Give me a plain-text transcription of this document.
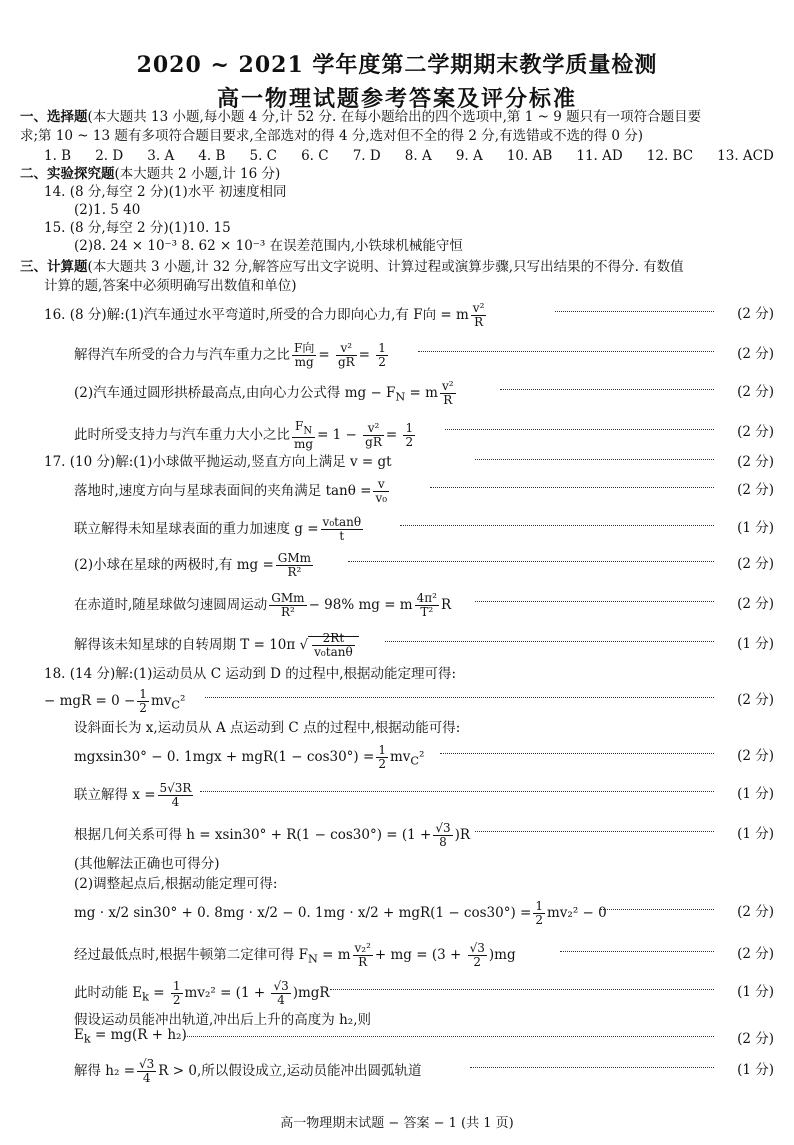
2020 ~ 2021 学年度第二学期期末教学质量检测
高一物理试题参考答案及评分标准
一、选择题(本大题共 13 小题,每小题 4 分,计 52 分. 在每小题给出的四个选项中,第 1 ~ 9 题只有一项符合题目要
求;第 10 ~ 13 题有多项符合题目要求,全部选对的得 4 分,选对但不全的得 2 分,有选错或不选的得 0 分)
1. B 2. D 3. A 4. B 5. C 6. C 7. D 8. A 9. A 10. AB 11. AD 12. BC 13. ACD
二、实验探究题(本大题共 2 小题,计 16 分)
14. (8 分,每空 2 分)(1)水平 初速度相同
(2)1. 5 40
15. (8 分,每空 2 分)(1)10. 15
(2)8. 24 × 10⁻³ 8. 62 × 10⁻³ 在误差范围内,小铁球机械能守恒
三、计算题(本大题共 3 小题,计 32 分,解答应写出文字说明、计算过程或演算步骤,只写出结果的不得分. 有数值
计算的题,答案中必须明确写出数值和单位)
16. (8 分)解:(1)汽车通过水平弯道时,所受的合力即向心力,有 F向 = m $\frac{\text{v²}}{R}$	(2 分)
解得汽车所受的合力与汽车重力之比 $\frac{\text{F向}}{mg} = \frac{\text{v²}}{gR} = \frac{1}{2}$	(2 分)
(2)汽车通过圆形拱桥最高点,由向心力公式得 mg − $F_N = m \frac{\text{v²}}{R}$	(2 分)
此时所受支持力与汽车重力大小之比 $\frac{F_N}{mg} = 1 - \frac{\text{v²}}{gR} = \frac{1}{2}$	(2 分)
17. (10 分)解:(1)小球做平抛运动,竖直方向上满足 v = gt	(2 分)
落地时,速度方向与星球表面间的夹角满足 $\tan\theta = \frac{v}{\text{v₀}}$	(2 分)
联立解得未知星球表面的重力加速度 $g = \frac{\text{v₀tanθ}}{t}$	(1 分)
(2)小球在星球的两极时,有 mg = $\frac{\text{GMm}}{\text{R²}}$	(2 分)
在赤道时,随星球做匀速圆周运动 $\frac{\text{GMm}}{\text{R²}} - 98\%$ mg = m $\frac{\text{4π²}}{\text{T²}}$ R	(2 分)
解得该未知星球的自转周期 T = 10π √ $\frac{2Rt}{\text{v₀tanθ}}$	(1 分)
18. (14 分)解:(1)运动员从 C 运动到 D 的过程中,根据动能定理可得:
− mgR = $0 - \frac{1}{2} mv_C^2$	(2 分)
设斜面长为 x,运动员从 A 点运动到 C 点的过程中,根据动能可得:
mgxsin30° − 0. $1mgx + mgR(1 - \cos 30^\circ) = \frac{1}{2} mv_C^2$	(2 分)
联立解得 $x = \frac{5√3R}{4}$	(1 分)
根据几何关系可得 $h = xsin30^\circ + R(1 - \cos 30^\circ) = (1 + \frac{√3}{8} )R$	(1 分)
(其他解法正确也可得分)
(2)调整起点后,根据动能定理可得:
mg · x/2 sin30° + 0. 8mg · x/2 − 0. $1mg \cdot x/2 + mgR(1 - \cos 30^\circ) = \frac{1}{2} mv_2^2 - 0$	(2 分)
经过最低点时,根据牛顿第二定律可得 $F_N = m \frac{\text{v₂²}}{R}$ + mg = $(3 + \frac{√3}{2} )mg$	(2 分)
此时动能 $E_k = \frac{1}{2} mv_2^2 = (1 + \frac{√3}{4} )mgR$	(1 分)
假设运动员能冲出轨道,冲出后上升的高度为 h₂,则
$E_k = mg(R + h_2)$	(2 分)
解得 $h_2 = \frac{√3}{4}$ R > 0,所以假设成立,运动员能冲出圆弧轨道	(1 分)
高一物理期末试题 − 答案 − 1 (共 1 页)
